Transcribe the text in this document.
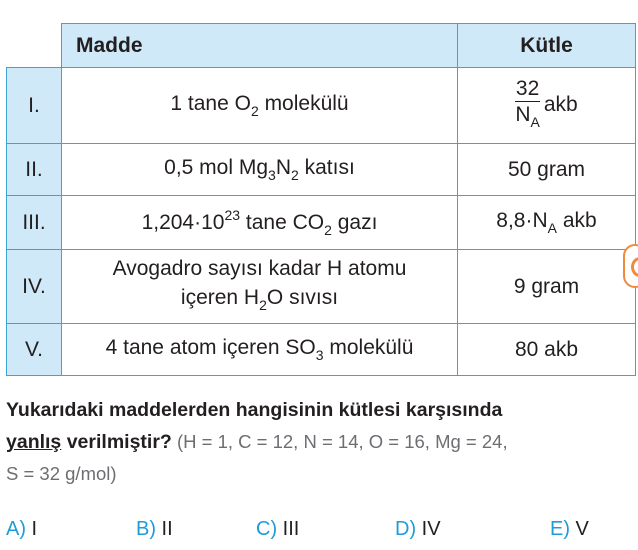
	Madde	Kütle
I.	1 tane $O_2$ molekülü	$\frac{32}{N_A}$ akb
II.	0,5 mol $Mg_3N_2$ katısı	50 gram
III.	$1,204\cdot 10^{23}$ tane $CO_2$ gazı	$8,8\cdot N_A$ akb
IV.	Avogadro sayısı kadar H atomu
içeren $H_2O$ sıvısı	9 gram
V.	4 tane atom içeren $SO_3$ molekülü	80 akb
Yukarıdaki maddelerden hangisinin kütlesi karşısında
yanlış verilmiştir? (H = 1, C = 12, N = 14, O = 16, Mg = 24,
S = 32 g/mol)
A) I	B) II	C) III	D) IV	E) V
